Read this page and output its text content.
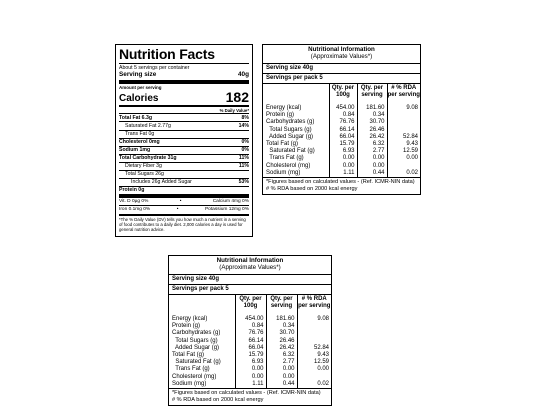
Nutrition Facts
About 5 servings per container
Serving size	40g
Amount per serving
Calories	182
% Daily Value*
Total Fat 6.3g	8%
Saturated Fat 2.77g	14%
Trans Fat 0g
Cholesterol 0mg	0%
Sodium 1mg	0%
Total Carbohydrate 31g	11%
Dietary Fiber 3g	11%
Total Sugars 26g
Includes 26g Added Sugar	53%
Protein 0g
Vit. D 0µg 0%	•	Calcium 4mg 0%
Iron 0.1mg 0%	•	Potassium 12mg 0%
*The % Daily Value (DV) tells you how much a nutrient in a serving of food contributes to a daily diet. 2,000 calories a day is used for general nutrition advice.
Nutritional Information
(Approximate Values*)
Serving size 40g
Servings per pack 5
	Qty. per 100g	Qty. per serving	# % RDA per serving

Energy (kcal)	454.00	181.60	9.08
Protein (g)	0.84	0.34	
Carbohydrates (g)	76.76	30.70	
Total Sugars (g)	66.14	26.46	
Added Sugar (g)	66.04	26.42	52.84
Total Fat (g)	15.79	6.32	9.43
Saturated Fat (g)	6.93	2.77	12.59
Trans Fat (g)	0.00	0.00	0.00
Cholesterol (mg)	0.00	0.00	
Sodium (mg)	1.11	0.44	0.02
*Figures based on calculated values - (Ref. ICMR-NIN data)
# % RDA based on 2000 kcal energy
Nutritional Information
(Approximate Values*)
Serving size 40g
Servings per pack 5
	Qty. per 100g	Qty. per serving	# % RDA per serving

Energy (kcal)	454.00	181.60	9.08
Protein (g)	0.84	0.34	
Carbohydrates (g)	76.76	30.70	
Total Sugars (g)	66.14	26.46	
Added Sugar (g)	66.04	26.42	52.84
Total Fat (g)	15.79	6.32	9.43
Saturated Fat (g)	6.93	2.77	12.59
Trans Fat (g)	0.00	0.00	0.00
Cholesterol (mg)	0.00	0.00	
Sodium (mg)	1.11	0.44	0.02
*Figures based on calculated values - (Ref. ICMR-NIN data)
# % RDA based on 2000 kcal energy
